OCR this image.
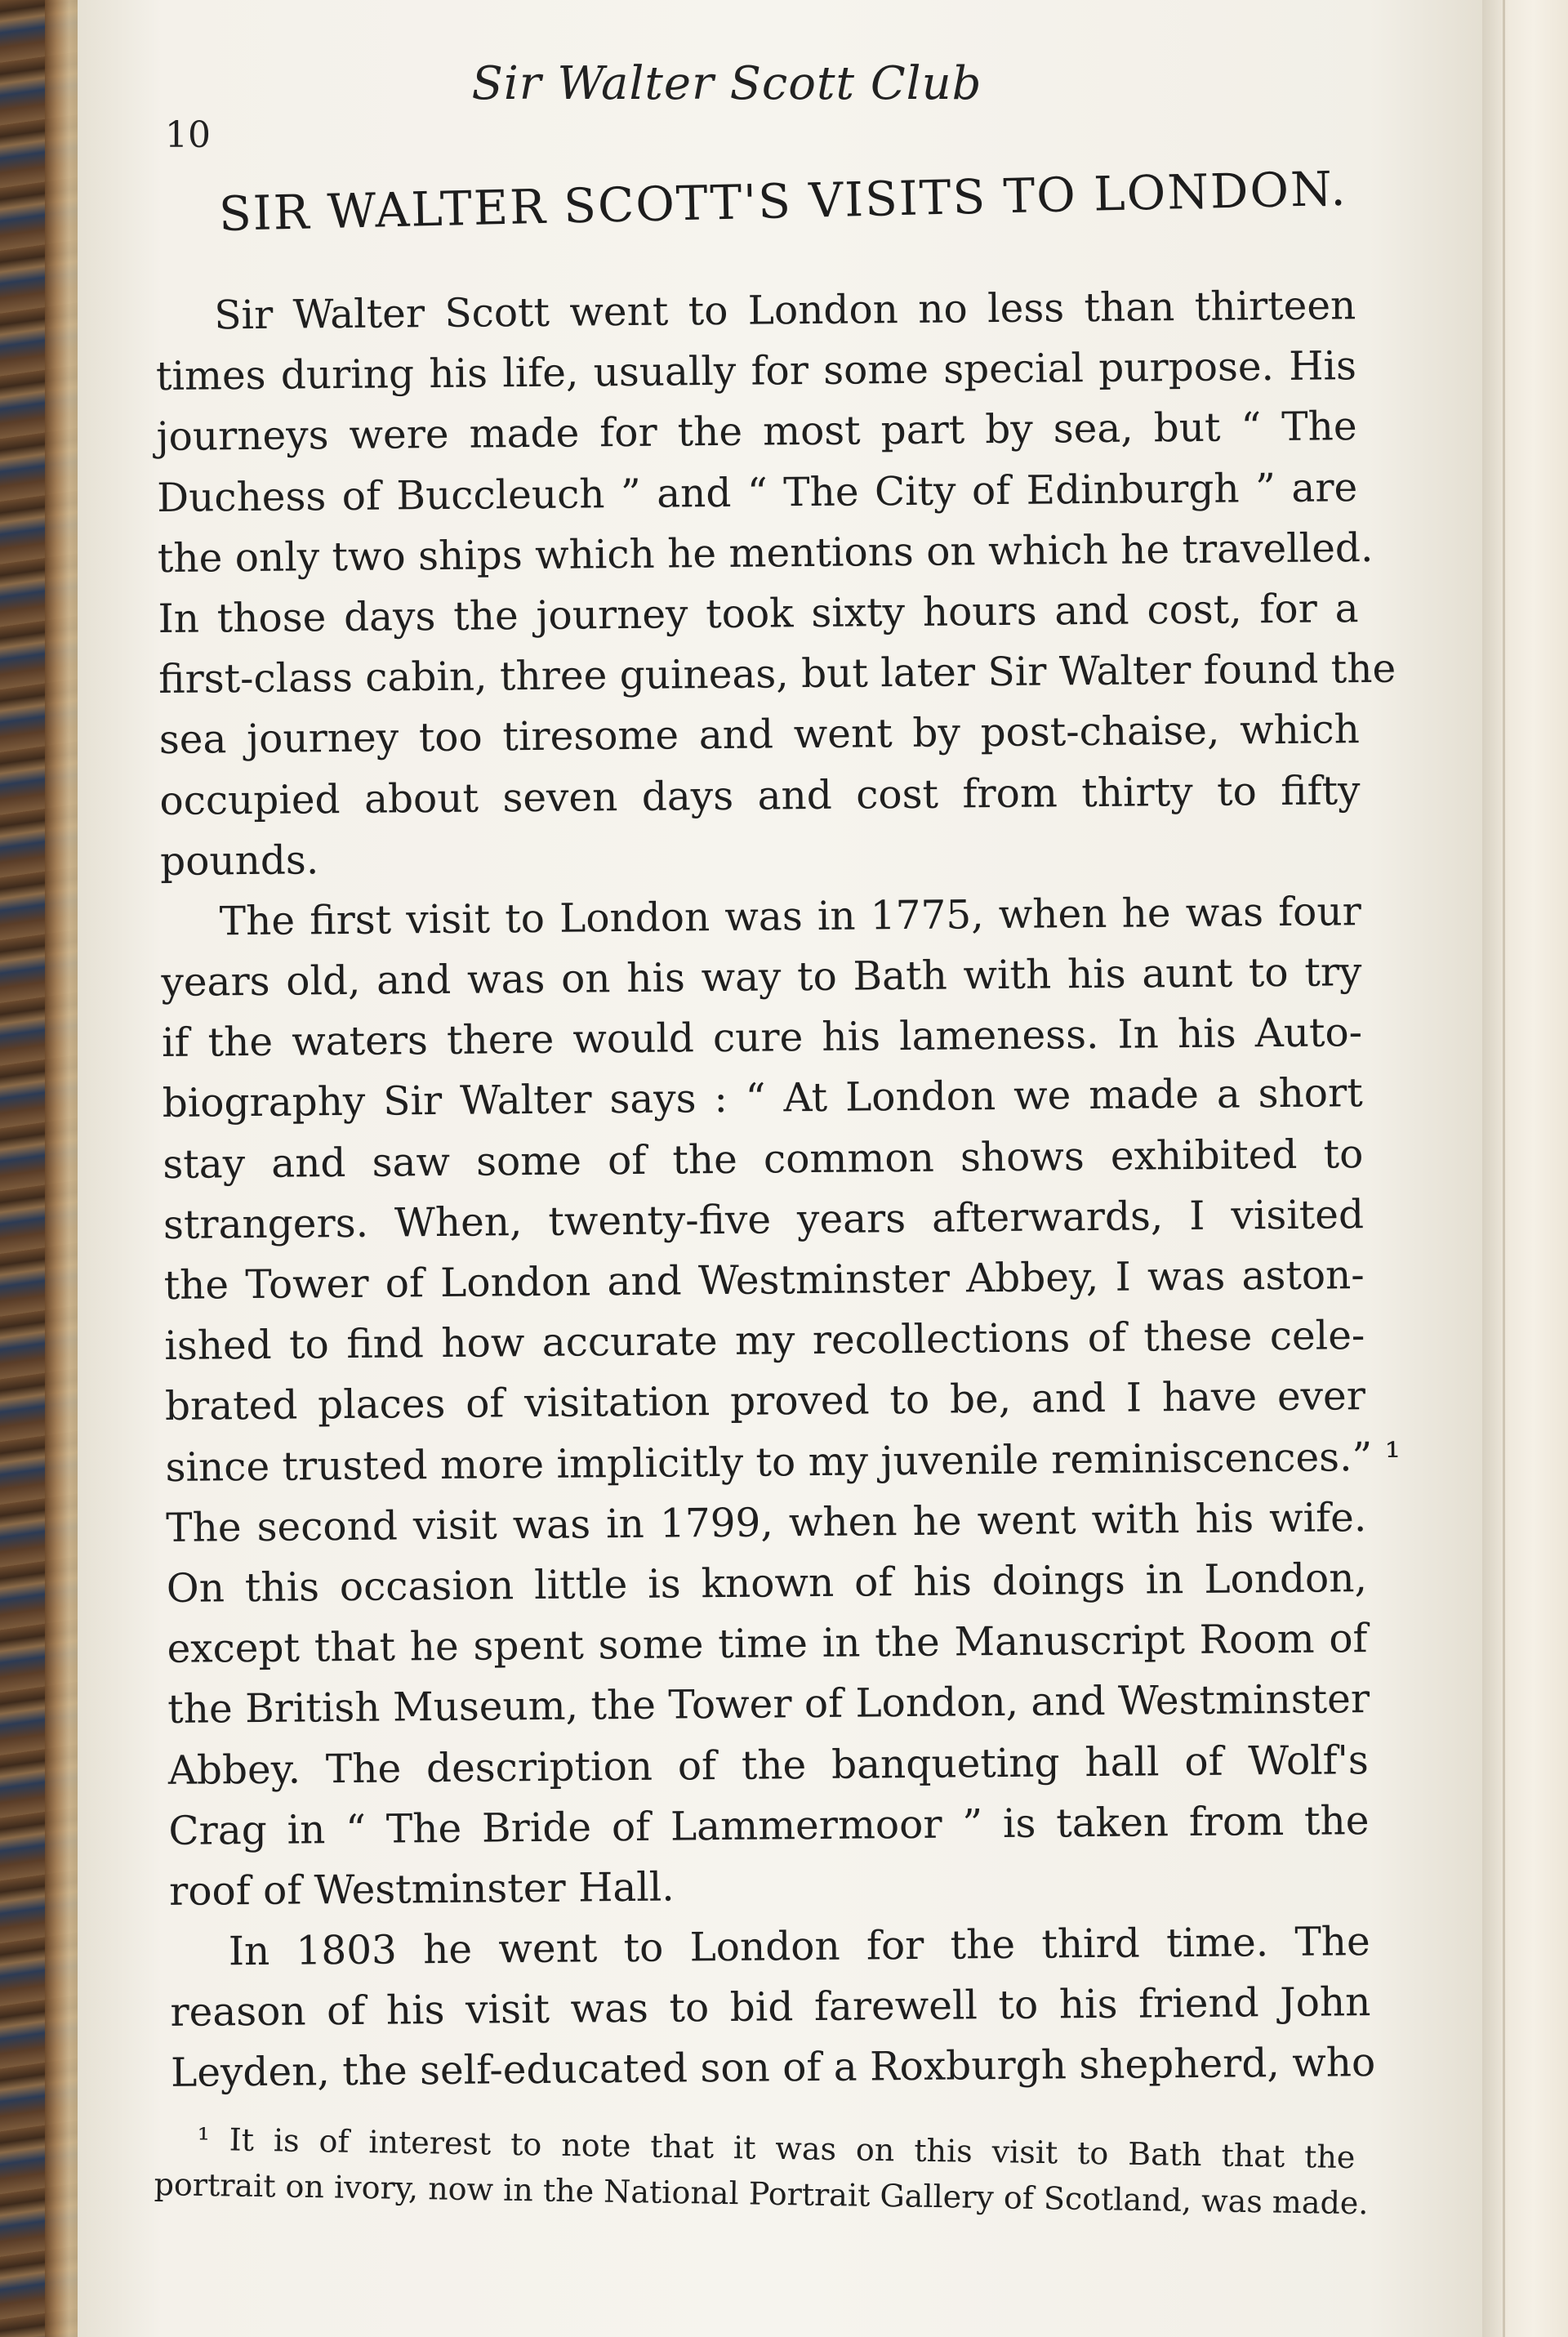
Sir Walter Scott Club
10
SIR WALTER SCOTT'S VISITS TO LONDON.
Sir Walter Scott went to London no less than thirteen
times during his life, usually for some special purpose. His
journeys were made for the most part by sea, but “ The
Duchess of Buccleuch ” and “ The City of Edinburgh ” are
the only two ships which he mentions on which he travelled.
In those days the journey took sixty hours and cost, for a
first-class cabin, three guineas, but later Sir Walter found the
sea journey too tiresome and went by post-chaise, which
occupied about seven days and cost from thirty to fifty
pounds.
The first visit to London was in 1775, when he was four
years old, and was on his way to Bath with his aunt to try
if the waters there would cure his lameness. In his Auto-
biography Sir Walter says : “ At London we made a short
stay and saw some of the common shows exhibited to
strangers. When, twenty-five years afterwards, I visited
the Tower of London and Westminster Abbey, I was aston-
ished to find how accurate my recollections of these cele-
brated places of visitation proved to be, and I have ever
since trusted more implicitly to my juvenile reminiscences.” ¹
The second visit was in 1799, when he went with his wife.
On this occasion little is known of his doings in London,
except that he spent some time in the Manuscript Room of
the British Museum, the Tower of London, and Westminster
Abbey. The description of the banqueting hall of Wolf's
Crag in “ The Bride of Lammermoor ” is taken from the
roof of Westminster Hall.
In 1803 he went to London for the third time. The
reason of his visit was to bid farewell to his friend John
Leyden, the self-educated son of a Roxburgh shepherd, who
¹ It is of interest to note that it was on this visit to Bath that the
portrait on ivory, now in the National Portrait Gallery of Scotland, was made.
